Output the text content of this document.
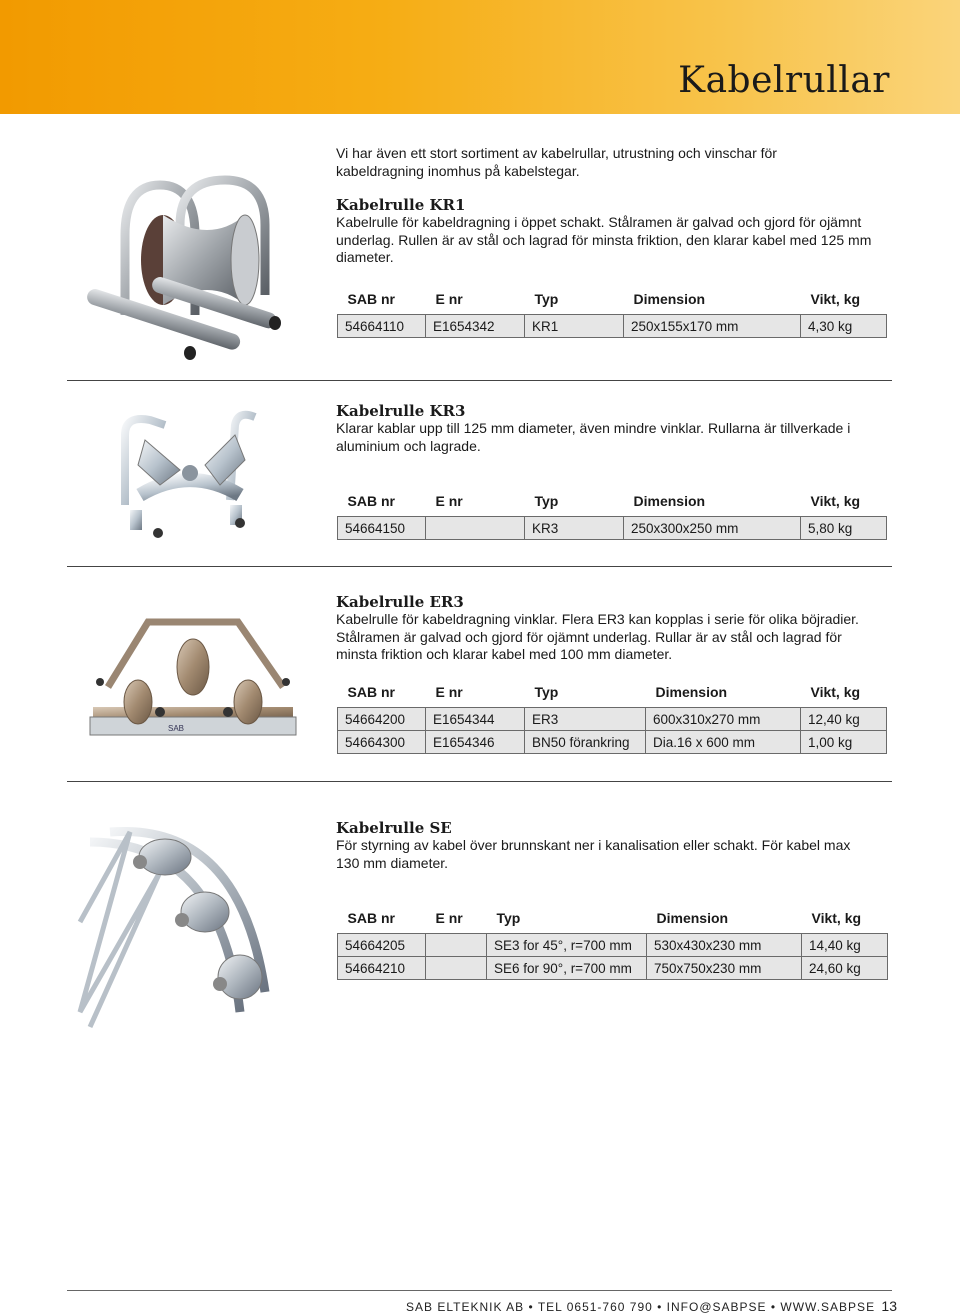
Kabelrullar
Vi har även ett stort sortiment av kabelrullar, utrustning och vinschar för kabeldragning inomhus på kabelstegar.

Kabelrulle KR1

Kabelrulle för kabeldragning i öppet schakt. Stålramen är galvad och gjord för ojämnt underlag. Rullen är av stål och lagrad för minsta friktion, den klarar kabel med 125 mm diameter.

SAB nr	E nr	Typ	Dimension	Vikt, kg
54664110	E1654342	KR1	250x155x170 mm	4,30 kg

Kabelrulle KR3

Klarar kablar upp till 125 mm diameter, även mindre vinklar. Rullarna är tillverkade i aluminium och lagrade.

SAB nr	E nr	Typ	Dimension	Vikt, kg
54664150		KR3	250x300x250 mm	5,80 kg
SAB

Kabelrulle ER3

Kabelrulle för kabeldragning vinklar. Flera ER3 kan kopplas i serie för olika böjradier. Stålramen är galvad och gjord för ojämnt underlag. Rullar är av stål och lagrad för minsta friktion och klarar kabel med 100 mm diameter.

SAB nr	E nr	Typ	Dimension	Vikt, kg
54664200	E1654344	ER3	600x310x270 mm	12,40 kg
54664300	E1654346	BN50 förankring	Dia.16 x 600 mm	1,00 kg

Kabelrulle SE

För styrning av kabel över brunnskant ner i kanalisation eller schakt. För kabel max 130 mm diameter.

SAB nr	E nr	Typ	Dimension	Vikt, kg
54664205		SE3 for 45°, r=700 mm	530x430x230 mm	14,40 kg
54664210		SE6 for 90°, r=700 mm	750x750x230 mm	24,60 kg
SAB ELTEKNIK AB • TEL 0651-760 790 • INFO@SABPSE • WWW.SABPSE 13
